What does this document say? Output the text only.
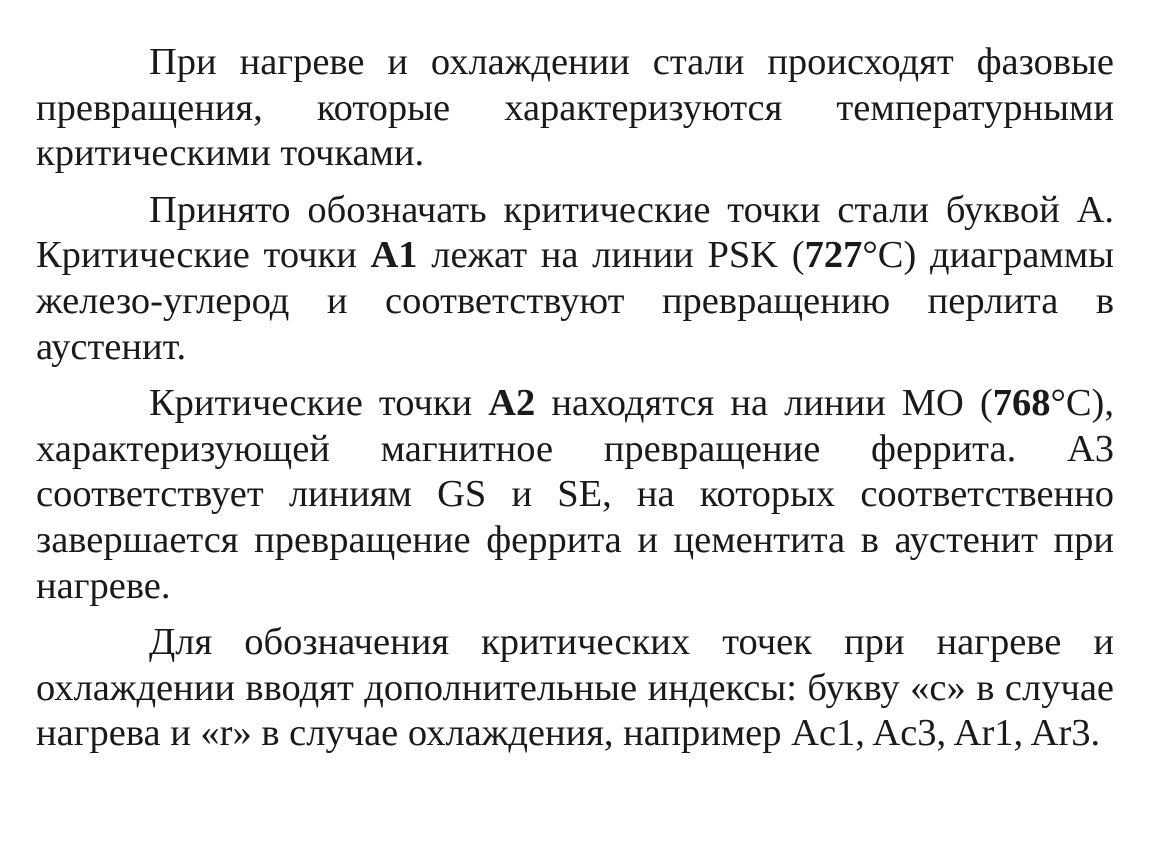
При нагреве и охлаждении стали происходят фазовые превращения, которые характеризуются температурными критическими точками.

Принято обозначать критические точки стали буквой А. Критические точки А1 лежат на линии PSK (727°С) диаграммы железо-углерод и соответствуют превращению перлита в аустенит.

Критические точки А2 находятся на линии МО (768°С), характеризующей магнитное превращение феррита. А3 соответствует линиям GS и SE, на которых соответственно завершается превращение феррита и цементита в аустенит при нагреве.

Для обозначения критических точек при нагреве и охлаждении вводят дополнительные индексы: букву «с» в случае нагрева и «r» в случае охлаждения, например Ac1, Ac3, Ar1, Ar3.
